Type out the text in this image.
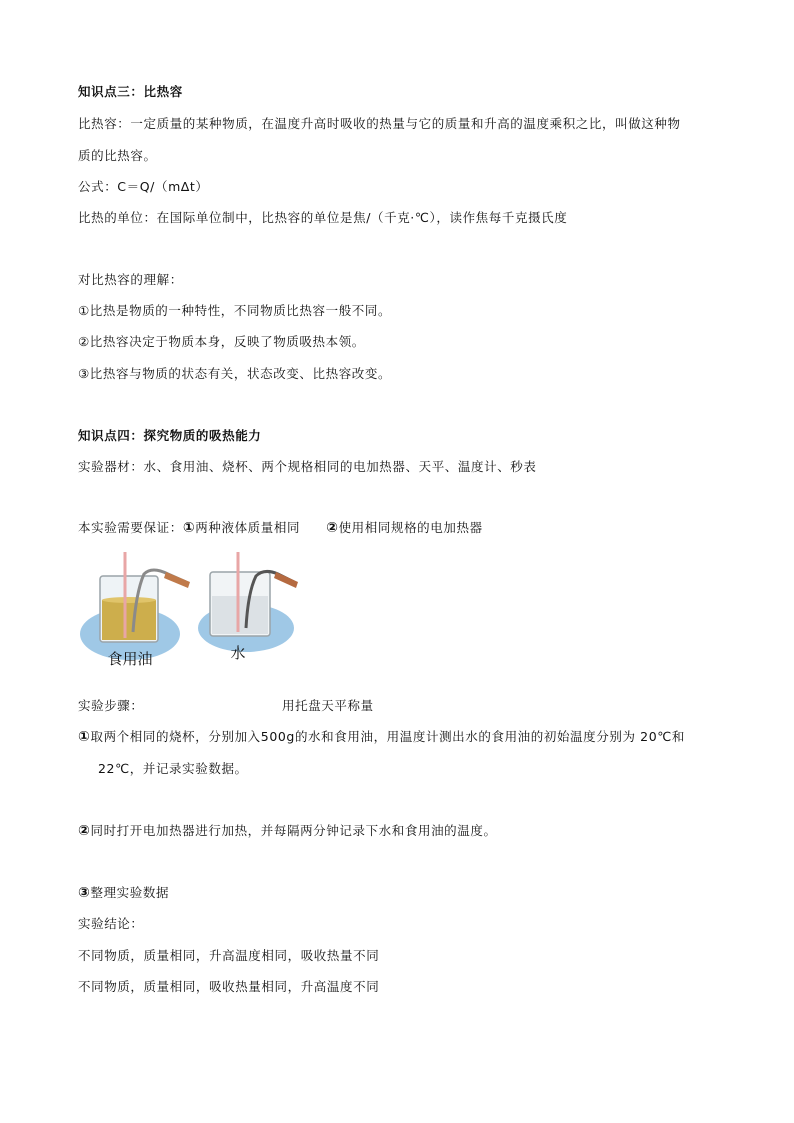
知识点三：比热容
比热容：一定质量的某种物质，在温度升高时吸收的热量与它的质量和升高的温度乘积之比，叫做这种物
质的比热容。
公式：C＝Q/（m∆t）
比热的单位：在国际单位制中，比热容的单位是焦/（千克·℃），读作焦每千克摄氏度
对比热容的理解：
①比热是物质的一种特性，不同物质比热容一般不同。
②比热容决定于物质本身，反映了物质吸热本领。
③比热容与物质的状态有关，状态改变、比热容改变。
知识点四：探究物质的吸热能力
实验器材：水、食用油、烧杯、两个规格相同的电加热器、天平、温度计、秒表
本实验需要保证：①两种液体质量相同 ②使用相同规格的电加热器
食用油	水
实验步骤：	用托盘天平称量
①取两个相同的烧杯，分别加入500g的水和食用油，用温度计测出水的食用油的初始温度分别为 20℃和
22℃，并记录实验数据。
②同时打开电加热器进行加热，并每隔两分钟记录下水和食用油的温度。
③整理实验数据
实验结论：
不同物质，质量相同，升高温度相同，吸收热量不同
不同物质，质量相同，吸收热量相同，升高温度不同
